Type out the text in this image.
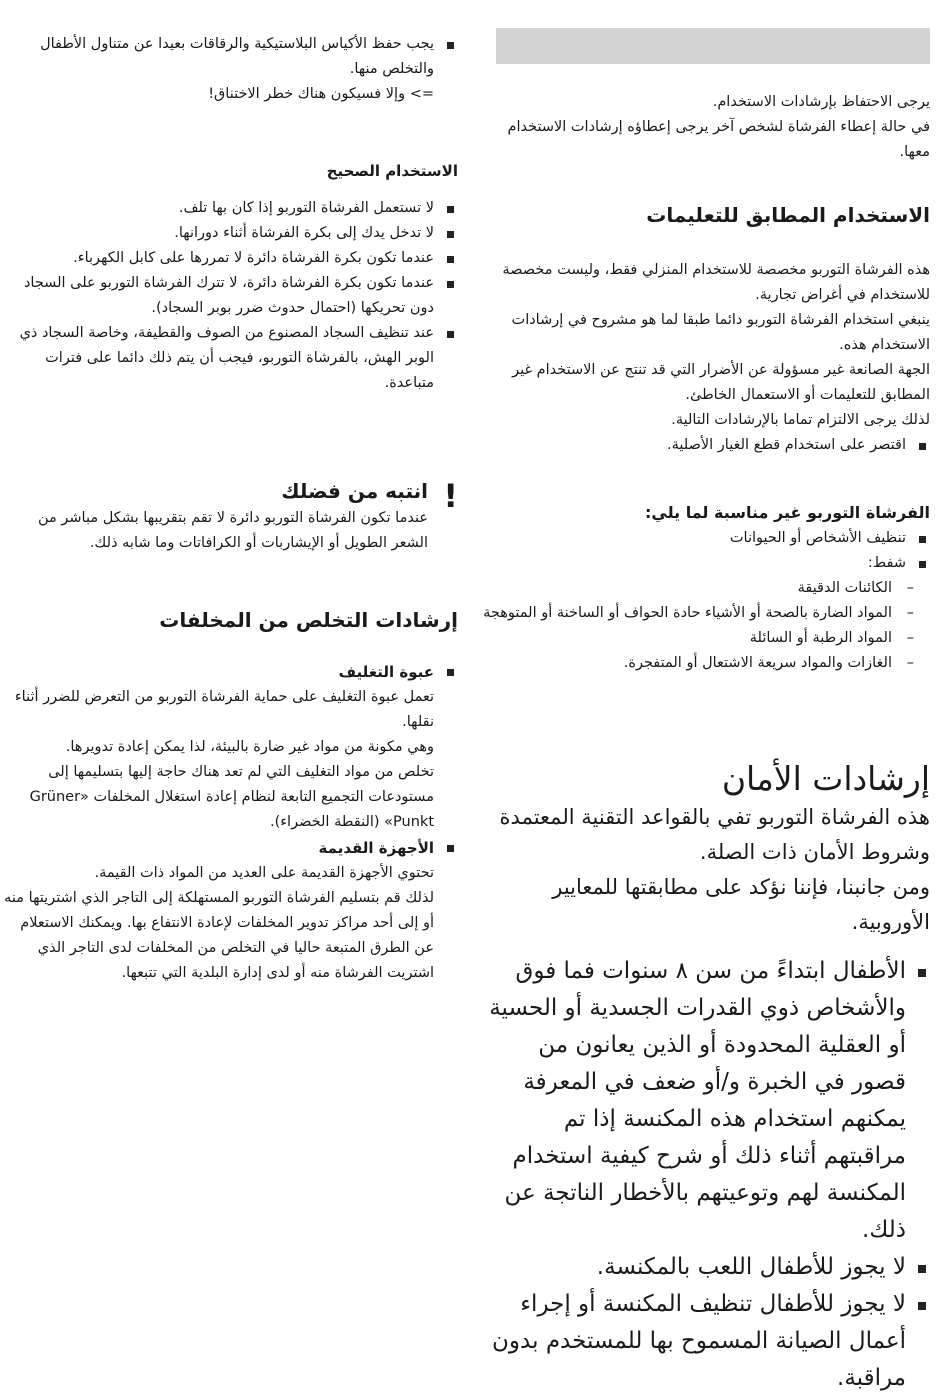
يجب حفظ الأكياس البلاستيكية والرقاقات بعيدا عن متناول الأطفال والتخلص منها.

=> وإلا فسيكون هناك خطر الاختناق!

الاستخدام الصحيح

لا تستعمل الفرشاة التوربو إذا كان بها تلف.

لا تدخل يدك إلى بكرة الفرشاة أثناء دورانها.

عندما تكون بكرة الفرشاة دائرة لا تمررها على كابل الكهرباء.

عندما تكون بكرة الفرشاة دائرة، لا تترك الفرشاة التوربو على السجاد دون تحريكها (احتمال حدوث ضرر بوبر السجاد).

عند تنظيف السجاد المصنوع من الصوف والقطيفة، وخاصة السجاد ذي الوبر الهش، بالفرشاة التوربو، فيجب أن يتم ذلك دائما على فترات متباعدة.

!

انتبه من فضلك

عندما تكون الفرشاة التوربو دائرة لا تقم بتقريبها بشكل مباشر من الشعر الطويل أو الإيشاربات أو الكرافاتات وما شابه ذلك.

إرشادات التخلص من المخلفات

عبوة التغليف

تعمل عبوة التغليف على حماية الفرشاة التوربو من التعرض للضرر أثناء نقلها.

وهي مكونة من مواد غير ضارة بالبيئة، لذا يمكن إعادة تدويرها.

تخلص من مواد التغليف التي لم تعد هناك حاجة إليها بتسليمها إلى مستودعات التجميع التابعة لنظام إعادة استغلال المخلفات «Grüner Punkt» (النقطة الخضراء).

الأجهزة القديمة

تحتوي الأجهزة القديمة على العديد من المواد ذات القيمة.

لذلك قم بتسليم الفرشاة التوربو المستهلكة إلى التاجر الذي اشتريتها منه أو إلى أحد مراكز تدوير المخلفات لإعادة الانتفاع بها. ويمكنك الاستعلام عن الطرق المتبعة حاليا في التخلص من المخلفات لدى التاجر الذي اشتريت الفرشاة منه أو لدى إدارة البلدية التي تتبعها.

يرجى الاحتفاظ بإرشادات الاستخدام.

في حالة إعطاء الفرشاة لشخص آخر يرجى إعطاؤه إرشادات الاستخدام معها.

الاستخدام المطابق للتعليمات

هذه الفرشاة التوربو مخصصة للاستخدام المنزلي فقط، وليست مخصصة للاستخدام في أغراض تجارية.

ينبغي استخدام الفرشاة التوربو دائما طبقا لما هو مشروح في إرشادات الاستخدام هذه.

الجهة الصانعة غير مسؤولة عن الأضرار التي قد تنتج عن الاستخدام غير المطابق للتعليمات أو الاستعمال الخاطئ.

لذلك يرجى الالتزام تماما بالإرشادات التالية.

اقتصر على استخدام قطع الغيار الأصلية.

الفرشاة التوربو غير مناسبة لما يلي:

تنظيف الأشخاص أو الحيوانات

شفط:

– الكائنات الدقيقة

– المواد الضارة بالصحة أو الأشياء حادة الحواف أو الساخنة أو المتوهجة

– المواد الرطبة أو السائلة

– الغازات والمواد سريعة الاشتعال أو المتفجرة.

إرشادات الأمان

هذه الفرشاة التوربو تفي بالقواعد التقنية المعتمدة وشروط الأمان ذات الصلة.

ومن جانبنا، فإننا نؤكد على مطابقتها للمعايير الأوروبية.

الأطفال ابتداءً من سن ٨ سنوات فما فوق والأشخاص ذوي القدرات الجسدية أو الحسية أو العقلية المحدودة أو الذين يعانون من قصور في الخبرة و/أو ضعف في المعرفة يمكنهم استخدام هذه المكنسة إذا تم مراقبتهم أثناء ذلك أو شرح كيفية استخدام المكنسة لهم وتوعيتهم بالأخطار الناتجة عن ذلك.

لا يجوز للأطفال اللعب بالمكنسة.

لا يجوز للأطفال تنظيف المكنسة أو إجراء أعمال الصيانة المسموح بها للمستخدم بدون مراقبة.
